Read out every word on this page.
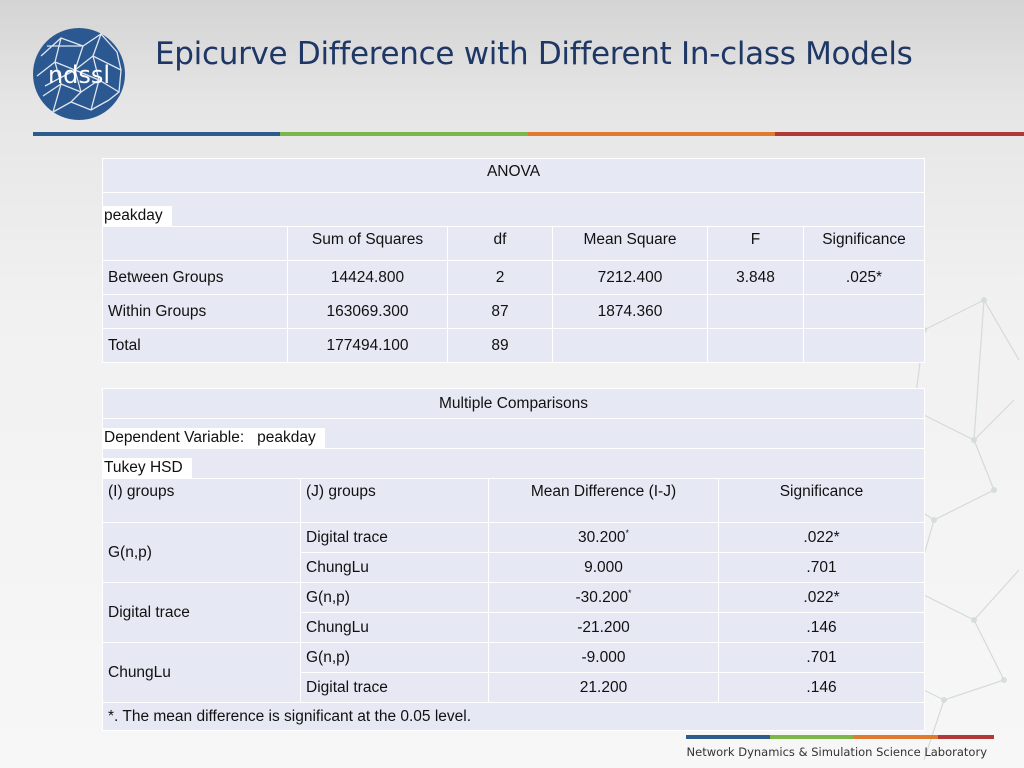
ndssl
Epicurve Difference with Different In-class Models
ANOVA					
peakday					
	Sum of Squares	df	Mean Square	F	Significance
Between Groups	14424.800	2	7212.400	3.848	.025*
Within Groups	163069.300	87	1874.360		
Total	177494.100	89			
Multiple Comparisons			
Dependent Variable: peakday			
Tukey HSD			
(I) groups	(J) groups	Mean Difference (I-J)	Significance
G(n,p)	Digital trace	30.200*	.022*
	ChungLu	9.000	.701
Digital trace	G(n,p)	-30.200*	.022*
	ChungLu	-21.200	.146
ChungLu	G(n,p)	-9.000	.701
	Digital trace	21.200	.146
*. The mean difference is significant at the 0.05 level.			
Network Dynamics & Simulation Science Laboratory
